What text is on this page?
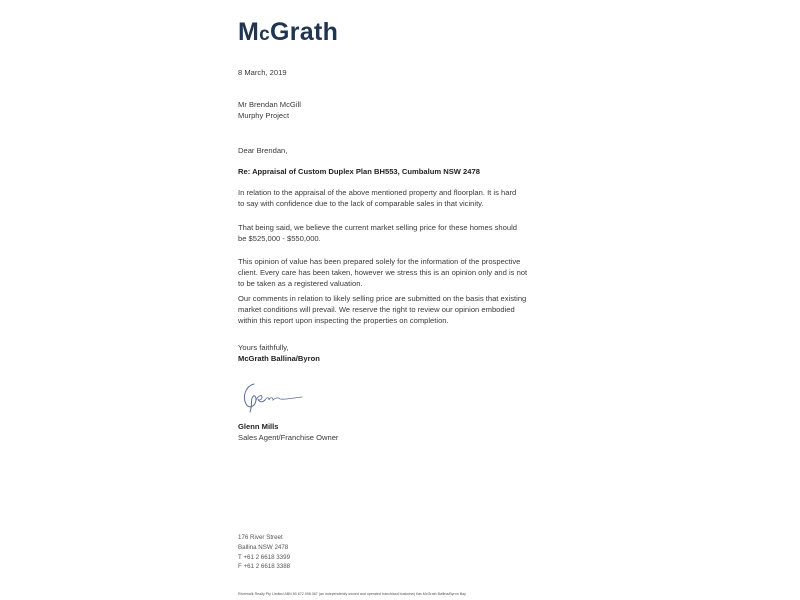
McGrath
8 March, 2019
Mr Brendan McGill
Murphy Project
Dear Brendan,
Re: Appraisal of Custom Duplex Plan BH553, Cumbalum NSW 2478
In relation to the appraisal of the above mentioned property and floorplan. It is hard
to say with confidence due to the lack of comparable sales in that vicinity.
That being said, we believe the current market selling price for these homes should
be $525,000 - $550,000.
This opinion of value has been prepared solely for the information of the prospective
client. Every care has been taken, however we stress this is an opinion only and is not
to be taken as a registered valuation.
Our comments in relation to likely selling price are submitted on the basis that existing
market conditions will prevail. We reserve the right to review our opinion embodied
within this report upon inspecting the properties on completion.
Yours faithfully,
McGrath Ballina/Byron
Glenn Mills
Sales Agent/Franchise Owner
176 River Street
Ballina NSW 2478
T +61 2 6618 3399
F +61 2 6618 3388
Riverwalk Realty Pty Limited ABN 80 672 098 067 (an independently owned and operated franchised business) t/as McGrath Ballina/Byron Bay
